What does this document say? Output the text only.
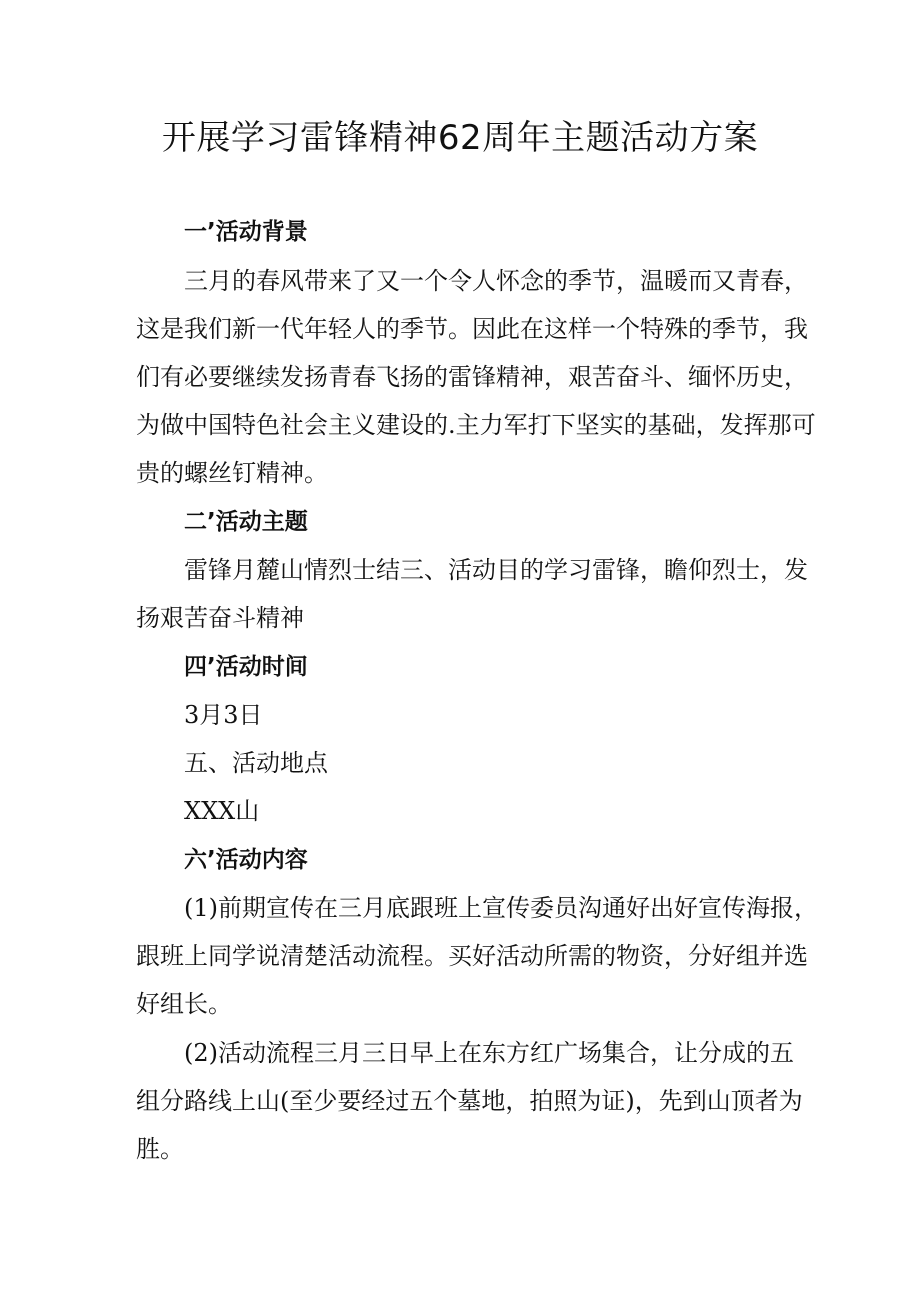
开展学习雷锋精神62周年主题活动方案
一’活动背景
三月的春风带来了又一个令人怀念的季节，温暖而又青春，
这是我们新一代年轻人的季节。因此在这样一个特殊的季节，我
们有必要继续发扬青春飞扬的雷锋精神，艰苦奋斗、缅怀历史，
为做中国特色社会主义建设的.主力军打下坚实的基础，发挥那可
贵的螺丝钉精神。
二’活动主题
雷锋月麓山情烈士结三、活动目的学习雷锋，瞻仰烈士，发
扬艰苦奋斗精神
四’活动时间
3月3日
五、活动地点
XXX山
六’活动内容
(1)前期宣传在三月底跟班上宣传委员沟通好出好宣传海报，
跟班上同学说清楚活动流程。买好活动所需的物资，分好组并选
好组长。
(2)活动流程三月三日早上在东方红广场集合，让分成的五
组分路线上山(至少要经过五个墓地，拍照为证)，先到山顶者为
胜。
